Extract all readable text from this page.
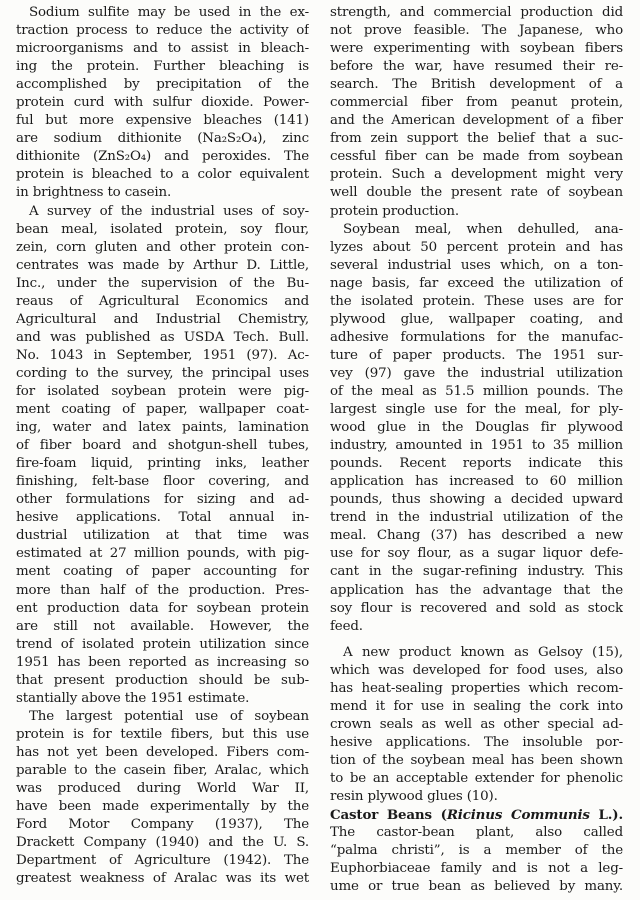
Sodium sulfite may be used in the ex-
traction process to reduce the activity of
microorganisms and to assist in bleach-
ing the protein. Further bleaching is
accomplished by precipitation of the
protein curd with sulfur dioxide. Power-
ful but more expensive bleaches (141)
are sodium dithionite (Na₂S₂O₄), zinc
dithionite (ZnS₂O₄) and peroxides. The
protein is bleached to a color equivalent
in brightness to casein.
A survey of the industrial uses of soy-
bean meal, isolated protein, soy flour,
zein, corn gluten and other protein con-
centrates was made by Arthur D. Little,
Inc., under the supervision of the Bu-
reaus of Agricultural Economics and
Agricultural and Industrial Chemistry,
and was published as USDA Tech. Bull.
No. 1043 in September, 1951 (97). Ac-
cording to the survey, the principal uses
for isolated soybean protein were pig-
ment coating of paper, wallpaper coat-
ing, water and latex paints, lamination
of fiber board and shotgun-shell tubes,
fire-foam liquid, printing inks, leather
finishing, felt-base floor covering, and
other formulations for sizing and ad-
hesive applications. Total annual in-
dustrial utilization at that time was
estimated at 27 million pounds, with pig-
ment coating of paper accounting for
more than half of the production. Pres-
ent production data for soybean protein
are still not available. However, the
trend of isolated protein utilization since
1951 has been reported as increasing so
that present production should be sub-
stantially above the 1951 estimate.
The largest potential use of soybean
protein is for textile fibers, but this use
has not yet been developed. Fibers com-
parable to the casein fiber, Aralac, which
was produced during World War II,
have been made experimentally by the
Ford Motor Company (1937), The
Drackett Company (1940) and the U. S.
Department of Agriculture (1942). The
greatest weakness of Aralac was its wet
strength, and commercial production did
not prove feasible. The Japanese, who
were experimenting with soybean fibers
before the war, have resumed their re-
search. The British development of a
commercial fiber from peanut protein,
and the American development of a fiber
from zein support the belief that a suc-
cessful fiber can be made from soybean
protein. Such a development might very
well double the present rate of soybean
protein production.
Soybean meal, when dehulled, ana-
lyzes about 50 percent protein and has
several industrial uses which, on a ton-
nage basis, far exceed the utilization of
the isolated protein. These uses are for
plywood glue, wallpaper coating, and
adhesive formulations for the manufac-
ture of paper products. The 1951 sur-
vey (97) gave the industrial utilization
of the meal as 51.5 million pounds. The
largest single use for the meal, for ply-
wood glue in the Douglas fir plywood
industry, amounted in 1951 to 35 million
pounds. Recent reports indicate this
application has increased to 60 million
pounds, thus showing a decided upward
trend in the industrial utilization of the
meal. Chang (37) has described a new
use for soy flour, as a sugar liquor defe-
cant in the sugar-refining industry. This
application has the advantage that the
soy flour is recovered and sold as stock
feed.
A new product known as Gelsoy (15),
which was developed for food uses, also
has heat-sealing properties which recom-
mend it for use in sealing the cork into
crown seals as well as other special ad-
hesive applications. The insoluble por-
tion of the soybean meal has been shown
to be an acceptable extender for phenolic
resin plywood glues (10).
Castor Beans (Ricinus Communis L.).
The castor-bean plant, also called
“palma christi”, is a member of the
Euphorbiaceae family and is not a leg-
ume or true bean as believed by many.
